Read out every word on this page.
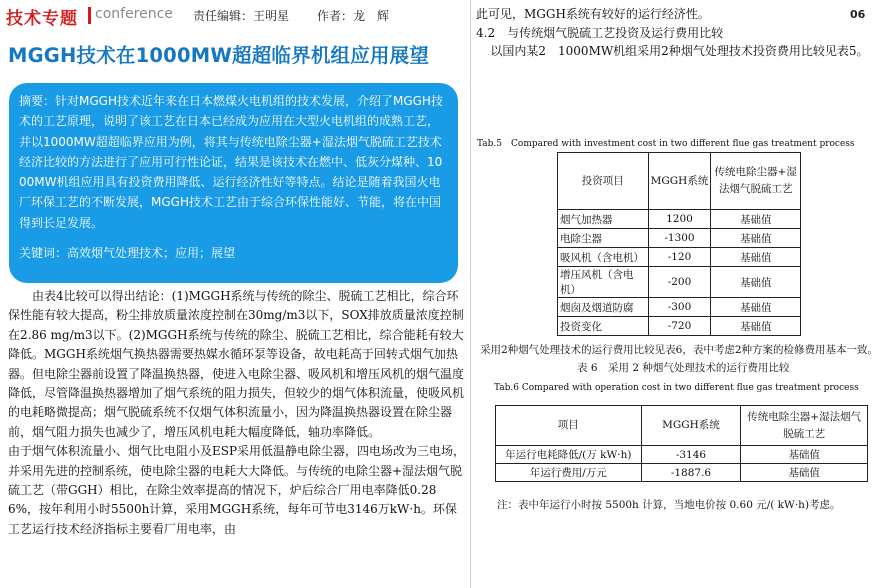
技术专题 conference 责任编辑：王明星 作者：龙　辉	06
MGGH技术在1000MW超超临界机组应用展望
摘要：针对MGGH技术近年来在日本燃煤火电机组的技术发展，介绍了MGGH技术的工艺原理，说明了该工艺在日本已经成为应用在大型火电机组的成熟工艺，并以1000MW超超临界应用为例，将其与传统电除尘器+湿法烟气脱硫工艺技术经济比较的方法进行了应用可行性论证，结果是该技术在燃中、低灰分煤种、1000MW机组应用具有投资费用降低、运行经济性好等特点。结论是随着我国火电厂环保工艺的不断发展，MGGH技术工艺由于综合环保性能好、节能，将在中国得到长足发展。
关键词：高效烟气处理技术；应用；展望

由表4比较可以得出结论：(1)MGGH系统与传统的除尘、脱硫工艺相比，综合环保性能有较大提高，粉尘排放质量浓度控制在30mg/m3以下，SOX排放质量浓度控制在2.86 mg/m3以下。(2)MGGH系统与传统的除尘、脱硫工艺相比，综合能耗有较大降低。MGGH系统烟气换热器需要热媒水循环泵等设备，故电耗高于回转式烟气加热器。但电除尘器前设置了降温换热器，使进入电除尘器、吸风机和增压风机的烟气温度降低，尽管降温换热器增加了烟气系统的阻力损失，但较少的烟气体积流量，使吸风机的电耗略微提高；烟气脱硫系统不仅烟气体积流量小，因为降温换热器设置在除尘器前，烟气阻力损失也减少了，增压风机电耗大幅度降低，轴功率降低。

由于烟气体积流量小、烟气比电阻小及ESP采用低温静电除尘器，四电场改为三电场，并采用先进的控制系统，使电除尘器的电耗大大降低。与传统的电除尘器+湿法烟气脱硫工艺（带GGH）相比，在除尘效率提高的情况下，炉后综合厂用电率降低0.286%，按年利用小时5500h计算，采用MGGH系统，每年可节电3146万kW·h。环保工艺运行技术经济指标主要看厂用电率，由

此可见，MGGH系统有较好的运行经济性。

4.2　与传统烟气脱硫工艺投资及运行费用比较

以国内某2　1000MW机组采用2种烟气处理技术投资费用比较见表5。

Tab.5　Compared with investment cost in two different flue gas treatment process
投资项目	MGGH系统	传统电除尘器+湿法烟气脱硫工艺
烟气加热器	1200	基础值
电除尘器	-1300	基础值
吸风机（含电机）	-120	基础值
增压风机（含电机）	-200	基础值
烟囱及烟道防腐	-300	基础值
投资变化	-720	基础值
采用2种烟气处理技术的运行费用比较见表6，表中考虑2种方案的检修费用基本一致。
表 6　采用 2 种烟气处理技术的运行费用比较
Tab.6 Compared with operation cost in two different flue gas treatment process
项目	MGGH系统	传统电除尘器+湿法烟气脱硫工艺
年运行电耗降低/(万 kW·h)	-3146	基础值
年运行费用/万元	-1887.6	基础值
注：表中年运行小时按 5500h 计算，当地电价按 0.60 元/( kW·h)考虑。
